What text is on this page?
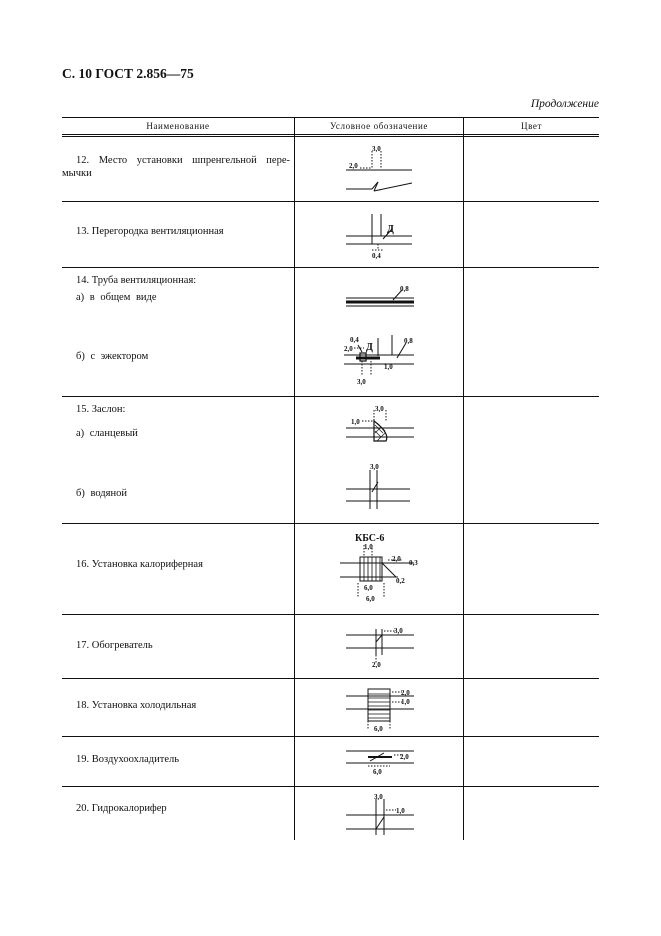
С. 10 ГОСТ 2.856—75
Продолжение
Наименование	Условное обозначение	Цвет
12. Место установки шпренгельной пере-
мычки
13. Перегородка вентиляционная
14. Труба вентиляционная:
а) в общем виде
б) с эжектором
15. Заслон:
а) сланцевый
б) водяной
16. Установка калориферная
17. Обогреватель
18. Установка холодильная
19. Воздухоохладитель
20. Гидрокалорифер
3,0
2,0
Д
0,4
0,8
0,4
2,0 Д
0,8
1,0
3,0
3,0
1,0
3,0
КБС-6
1,0
2,0 0,3
0,2
6,0
6,0
3,0
2,0
2,0
1,0
6,0
2,0
6,0
3,0
1,0
